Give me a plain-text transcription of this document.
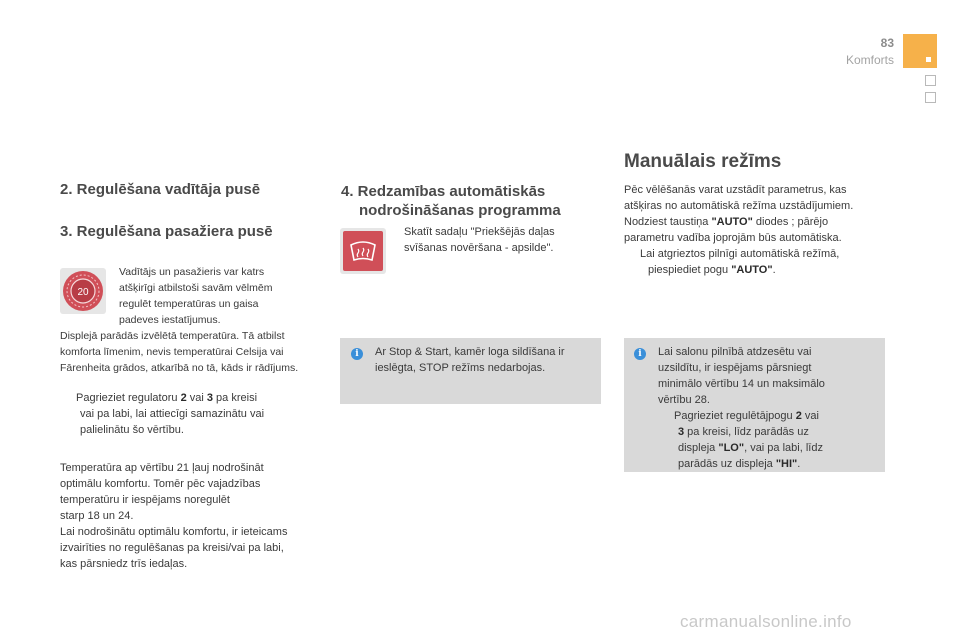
83
Komforts
2. Regulēšana vadītāja pusē
3. Regulēšana pasažiera pusē
20
Vadītājs un pasažieris var katrs
atšķirīgi atbilstoši savām vēlmēm
regulēt temperatūras un gaisa
padeves iestatījumus.
Displejā parādās izvēlētā temperatūra. Tā atbilst
komforta līmenim, nevis temperatūrai Celsija vai
Fārenheita grādos, atkarībā no tā, kāds ir rādījums.
Pagrieziet regulatoru 2 vai 3 pa kreisi
vai pa labi, lai attiecīgi samazinātu vai
palielinātu šo vērtību.
Temperatūra ap vērtību 21 ļauj nodrošināt
optimālu komfortu. Tomēr pēc vajadzības
temperatūru ir iespējams noregulēt
starp 18 un 24.
Lai nodrošinātu optimālu komfortu, ir ieteicams
izvairīties no regulēšanas pa kreisi/vai pa labi,
kas pārsniedz trīs iedaļas.
4. Redzamības automātiskās
nodrošināšanas programma
Skatīt sadaļu "Priekšējās daļas
svīšanas novēršana - apsilde".
i	Ar Stop & Start, kamēr loga sildīšana ir
ieslēgta, STOP režīms nedarbojas.
Manuālais režīms
Pēc vēlēšanās varat uzstādīt parametrus, kas
atšķiras no automātiskā režīma uzstādījumiem.
Nodziest taustiņa "AUTO" diodes ; pārējo
parametru vadība joprojām būs automātiska.
Lai atgrieztos pilnīgi automātiskā režīmā,
piespiediet pogu "AUTO".
i	Lai salonu pilnībā atdzesētu vai
uzsildītu, ir iespējams pārsniegt
minimālo vērtību 14 un maksimālo
vērtību 28.
Pagrieziet regulētājpogu 2 vai
3 pa kreisi, līdz parādās uz
displeja "LO", vai pa labi, līdz
parādās uz displeja "HI".
carmanualsonline.info
